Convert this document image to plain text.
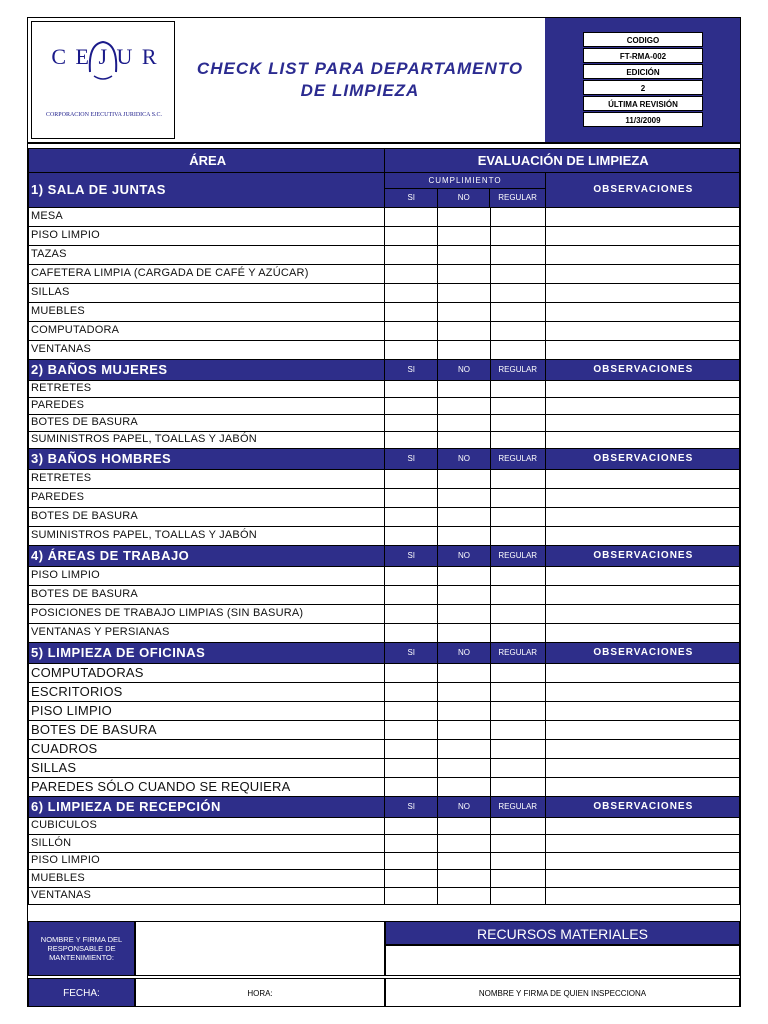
C E J U R
CORPORACION EJECUTIVA JURIDICA S.C.
CHECK LIST PARA DEPARTAMENTO DE LIMPIEZA
CODIGO
FT-RMA-002
EDICIÓN
2
ÚLTIMA REVISIÓN
11/3/2009
ÁREA	EVALUACIÓN DE LIMPIEZA
1) SALA DE JUNTAS	
CUMPLIMIENTO
SI	NO	REGULAR
	OBSERVACIONES
MESA				
PISO LIMPIO				
TAZAS				
CAFETERA LIMPIA (CARGADA DE CAFÉ Y AZÚCAR)				
SILLAS				
MUEBLES				
COMPUTADORA				
VENTANAS				
2) BAÑOS MUJERES	SI	NO	REGULAR	OBSERVACIONES
RETRETES				
PAREDES				
BOTES DE BASURA				
SUMINISTROS PAPEL, TOALLAS Y JABÓN				
3) BAÑOS HOMBRES	SI	NO	REGULAR	OBSERVACIONES
RETRETES				
PAREDES				
BOTES DE BASURA				
SUMINISTROS PAPEL, TOALLAS Y JABÓN				
4) ÁREAS DE TRABAJO	SI	NO	REGULAR	OBSERVACIONES
PISO LIMPIO				
BOTES DE BASURA				
POSICIONES DE TRABAJO LIMPIAS (SIN BASURA)				
VENTANAS Y PERSIANAS				
5) LIMPIEZA DE OFICINAS	SI	NO	REGULAR	OBSERVACIONES
COMPUTADORAS				
ESCRITORIOS				
PISO LIMPIO				
BOTES DE BASURA				
CUADROS				
SILLAS				
PAREDES SÓLO CUANDO SE REQUIERA				
6) LIMPIEZA DE RECEPCIÓN	SI	NO	REGULAR	OBSERVACIONES
CUBICULOS				
SILLÓN				
PISO LIMPIO				
MUEBLES				
VENTANAS				
NOMBRE Y FIRMA DEL RESPONSABLE DE MANTENIMIENTO:
RECURSOS MATERIALES
FECHA:	HORA:	NOMBRE Y FIRMA DE QUIEN INSPECCIONA
